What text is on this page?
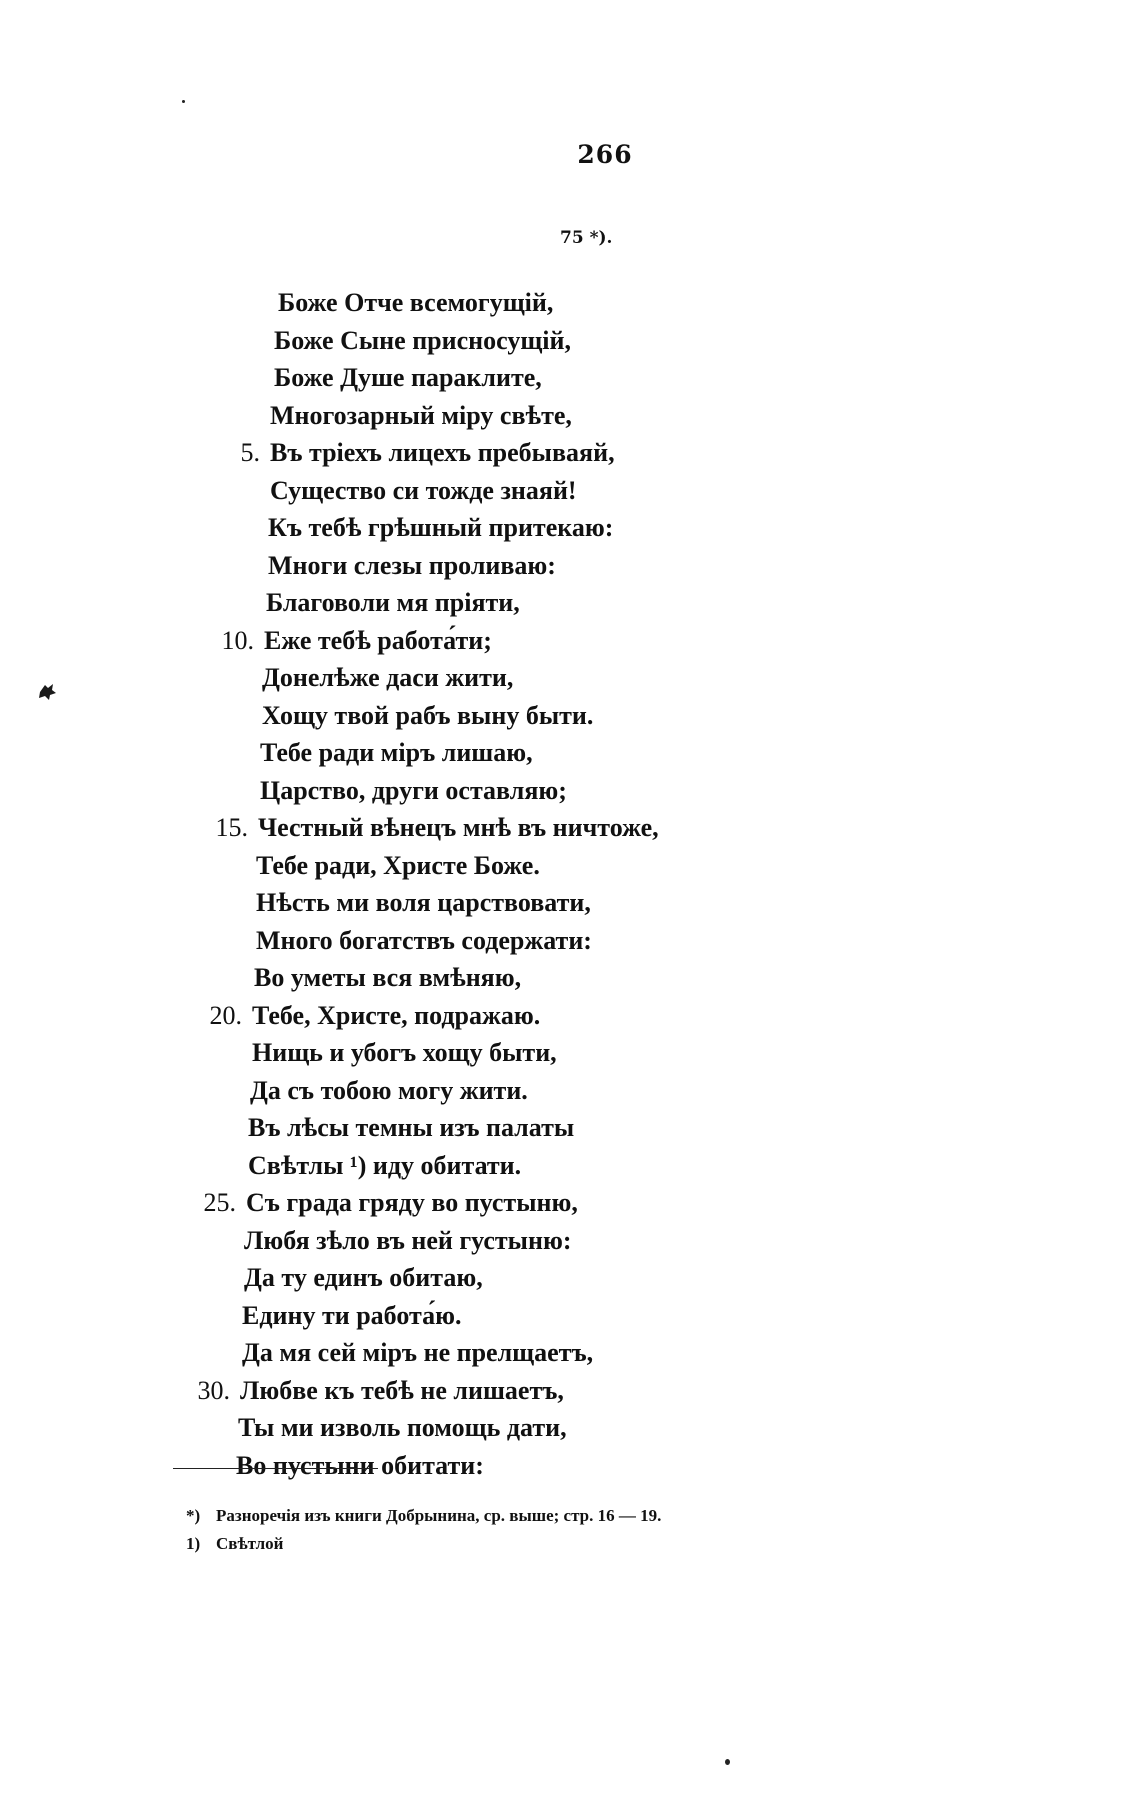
266
75 *).
Боже Отче всемогущій,
Боже Сыне присносущій,
Боже Душе параклите,
Многозарный міру свѣте,
5. Въ тріехъ лицехъ пребываяй,
Существо си тожде знаяй!
Къ тебѣ грѣшный притекаю:
Многи слезы проливаю:
Благоволи мя пріяти,
10. Еже тебѣ работа́ти;
Донелѣже даси жити,
Хощу твой рабъ выну быти.
Тебе ради міръ лишаю,
Царство, други оставляю;
15. Честный вѣнецъ мнѣ въ ничтоже,
Тебе ради, Христе Боже.
Нѣсть ми воля царствовати,
Много богатствъ содержати:
Во уметы вся вмѣняю,
20. Тебе, Христе, подражаю.
Нищь и убогъ хощу быти,
Да съ тобою могу жити.
Въ лѣсы темны изъ палаты
Свѣтлы ¹) иду обитати.
25. Съ града гряду во пустыню,
Любя зѣло въ ней густыню:
Да ту единъ обитаю,
Едину ти работа́ю.
Да мя сей міръ не прелщаетъ,
30. Любве къ тебѣ не лишаетъ,
Ты ми изволь помощь дати,
Во пустыни обитати:
*) Разноречія изъ книги Добрынина, ср. выше; стр. 16 — 19.
1) Свѣтлой
